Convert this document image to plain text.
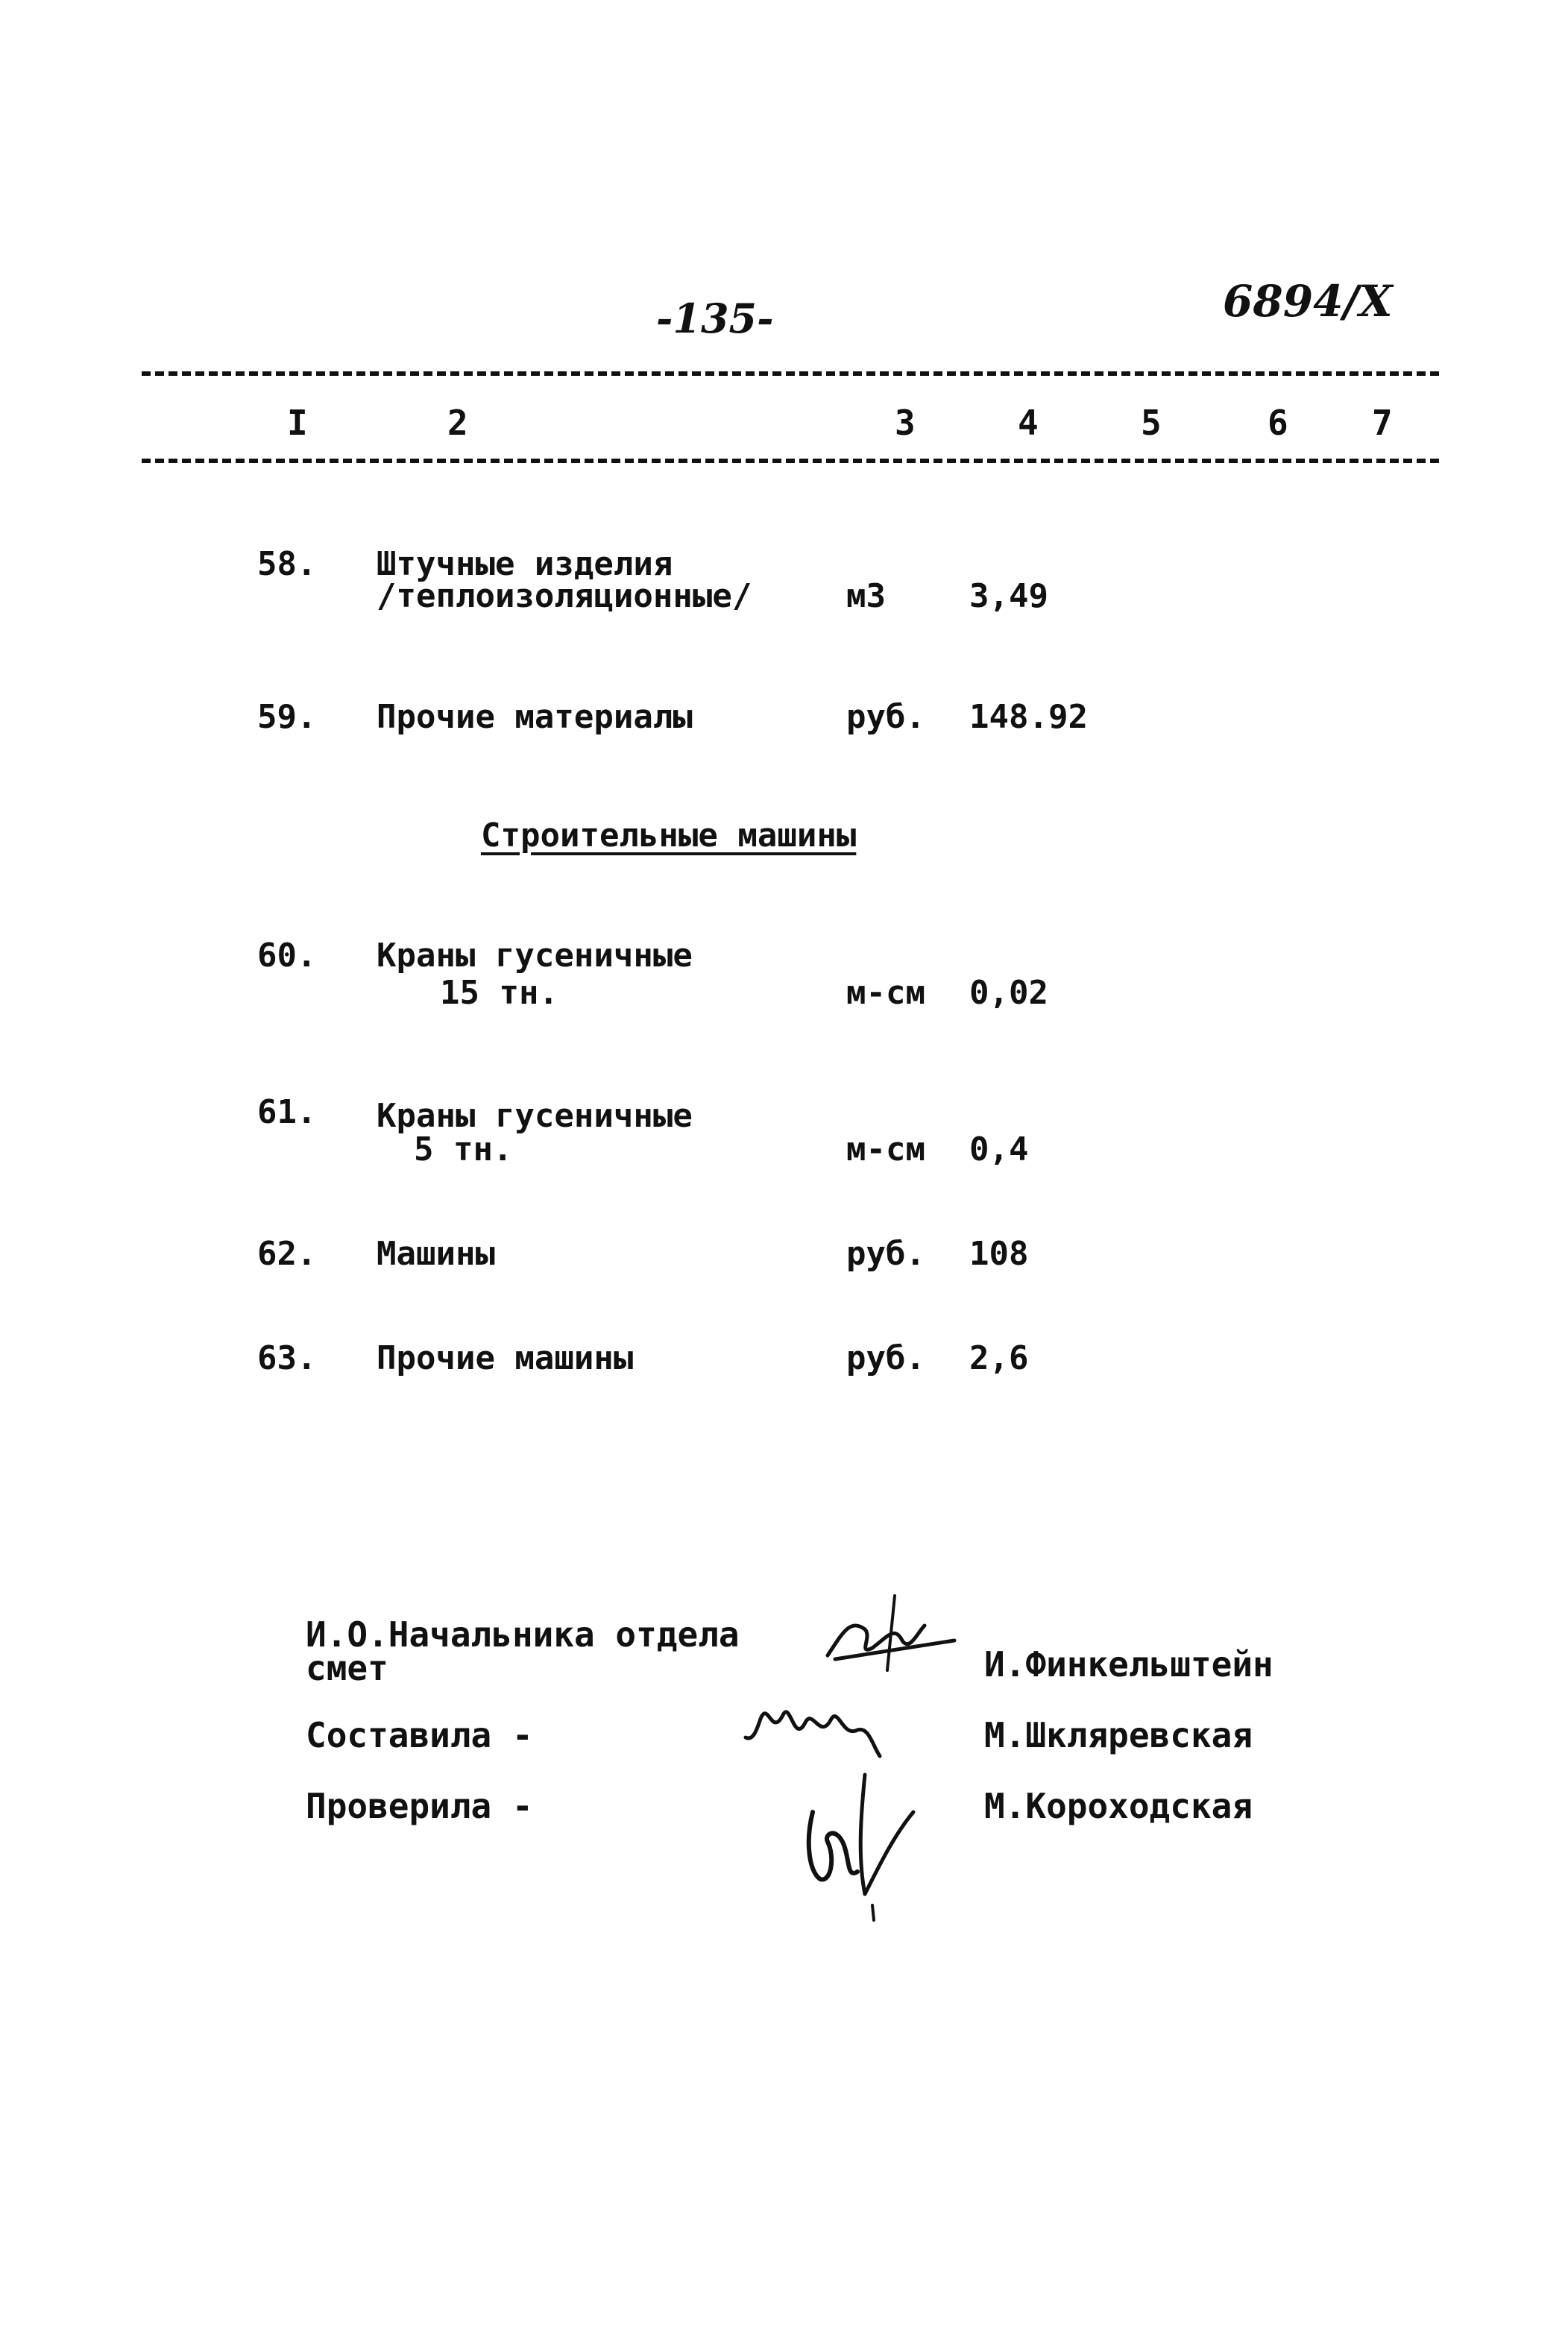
-135-	6894/X
I	2	3	4	5	6 7
58. Штучные изделия
/теплоизоляционные/	м3	3,49
59. Прочие материалы	руб. 148.92
Строительные машины
60. Краны гусеничные
15 тн.	м-см 0,02
61. Краны гусеничные
5 тн.	м-см 0,4
62. Машины	руб. 108
63. Прочие машины	руб. 2,6
И.О.Начальника отдела
смет	И.Финкельштейн
Составила -	М.Шкляревская
Проверила -	М.Короходская
